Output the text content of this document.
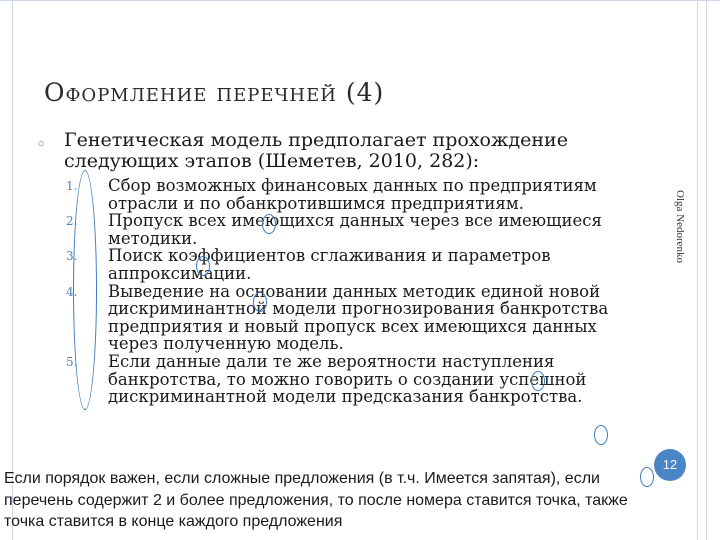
Оформление перечней (4)
◦ Генетическая модель предполагает прохождение следующих этапов (Шеметев, 2010, 282):

1. Сбор возможных финансовых данных по предприятиям отрасли и по обанкротившимся предприятиям.
2. Пропуск всех имеющихся данных через все имеющиеся методики.
3. Поиск коэффициентов сглаживания и параметров аппроксимации.
4. Выведение на основании данных методик единой новой дискриминантной модели прогнозирования банкротства предприятия и новый пропуск всех имеющихся данных через полученную модель.
5. Если данные дали те же вероятности наступления банкротства, то можно говорить о создании успешной дискриминантной модели предсказания банкротства.
Olga Nedorenko
12

Если порядок важен, если сложные предложения (в т.ч. Имеется запятая), если перечень содержит 2 и более предложения, то после номера ставится точка, также точка ставится в конце каждого предложения
